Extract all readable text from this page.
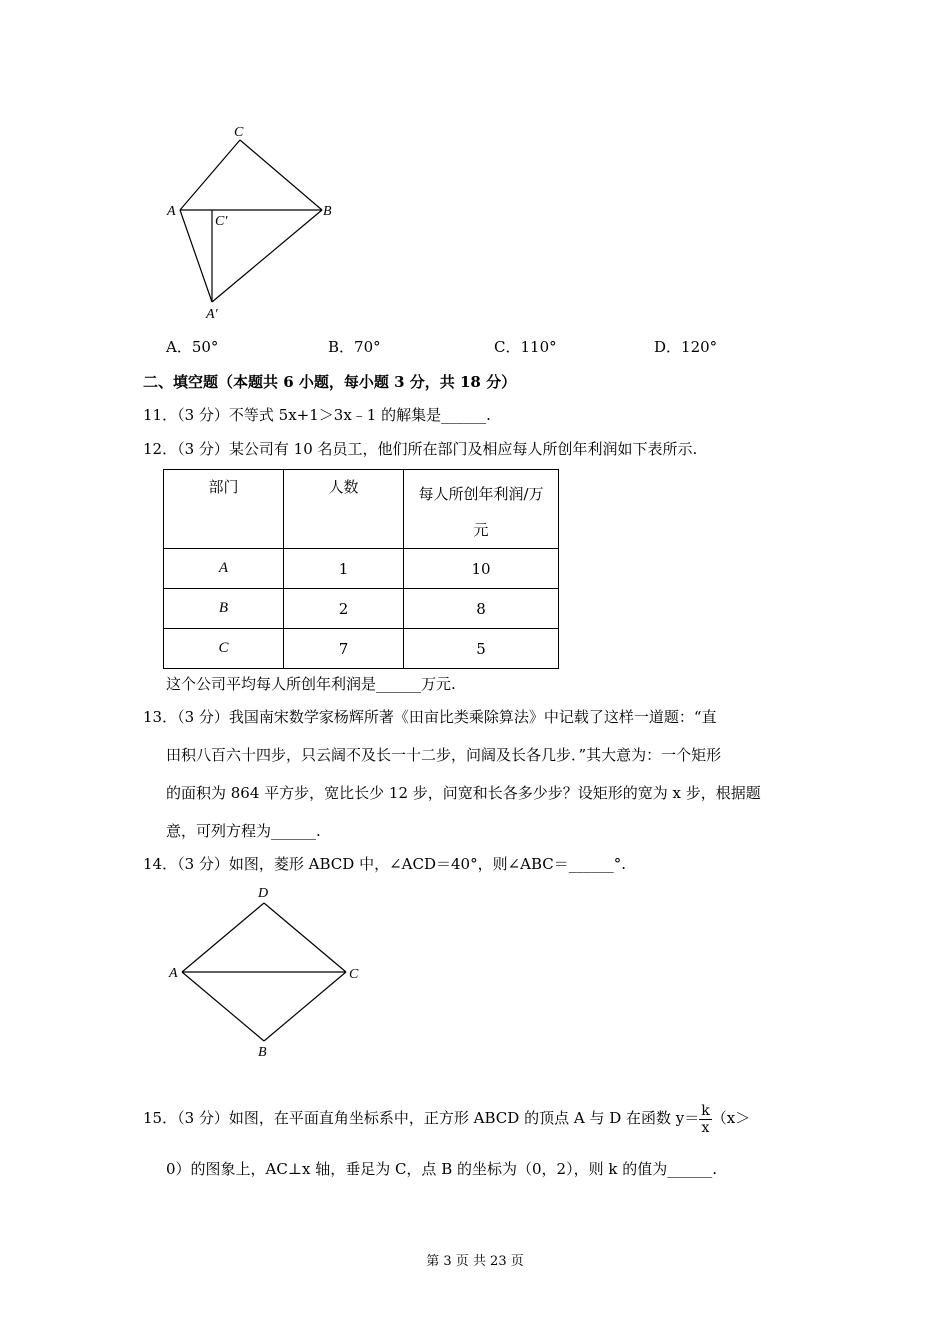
C
A	B
C′
A′
A．50°	B．70°	C．110°	D．120°
二、填空题（本题共 6 小题，每小题 3 分，共 18 分）
11．（3 分）不等式 5x+1＞3x﹣1 的解集是______.
12．（3 分）某公司有 10 名员工，他们所在部门及相应每人所创年利润如下表所示.
部门	人数	每人所创年利润/万
元

A	1	10
B	2	8
C	7	5
这个公司平均每人所创年利润是______万元.
13．（3 分）我国南宋数学家杨辉所著《田亩比类乘除算法》中记载了这样一道题：“直
田积八百六十四步，只云阔不及长一十二步，问阔及长各几步．”其大意为：一个矩形
的面积为 864 平方步，宽比长少 12 步，问宽和长各多少步？设矩形的宽为 x 步，根据题
意，可列方程为______.
14．（3 分）如图，菱形 ABCD 中，∠ACD＝40°，则∠ABC＝______°.
D
A	C
B
15．（3 分）如图，在平面直角坐标系中，正方形 ABCD 的顶点 A 与 D 在函数 $y= \frac{k}{x} (x>$
0）的图象上，AC⊥x 轴，垂足为 C，点 B 的坐标为（0，2），则 k 的值为______.
第 3 页 共 23 页
